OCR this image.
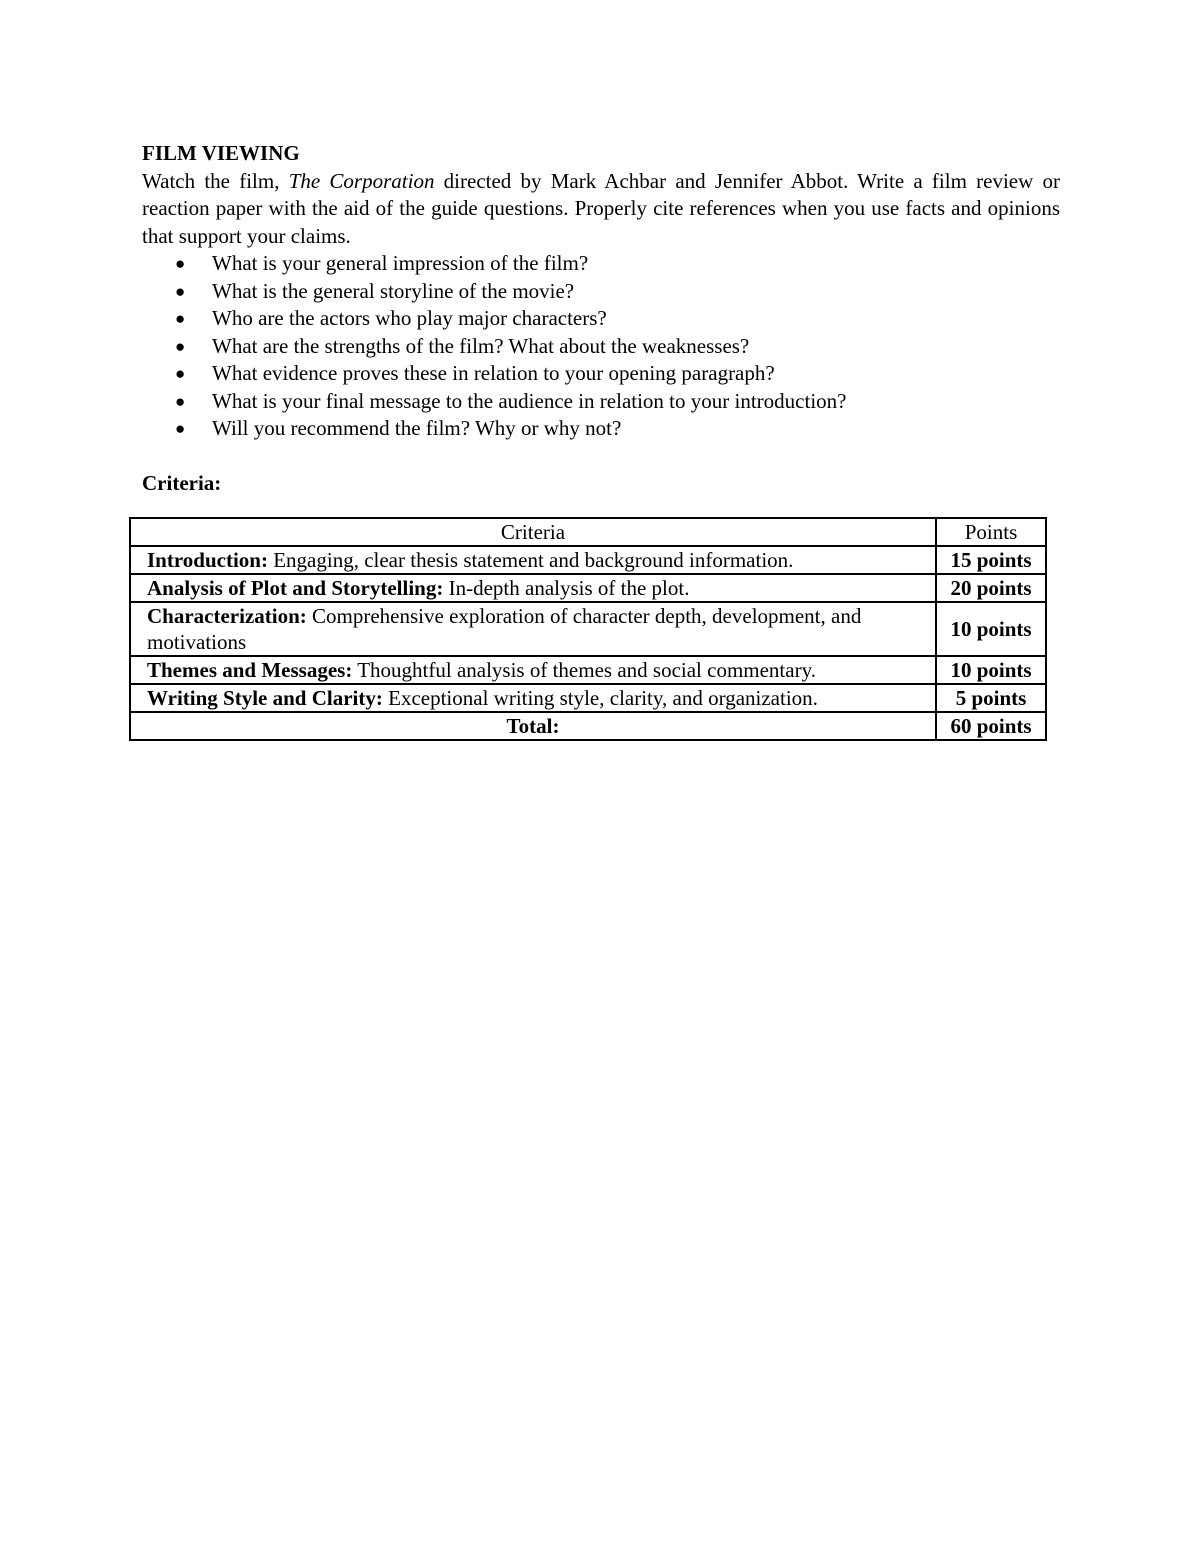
FILM VIEWING

Watch the film, The Corporation directed by Mark Achbar and Jennifer Abbot. Write a film review or reaction paper with the aid of the guide questions. Properly cite references when you use facts and opinions that support your claims.

● What is your general impression of the film?
● What is the general storyline of the movie?
● Who are the actors who play major characters?
● What are the strengths of the film? What about the weaknesses?
● What evidence proves these in relation to your opening paragraph?
● What is your final message to the audience in relation to your introduction?
● Will you recommend the film? Why or why not?

Criteria:

Criteria	Points
Introduction: Engaging, clear thesis statement and background information.	15 points
Analysis of Plot and Storytelling: In-depth analysis of the plot.	20 points
Characterization: Comprehensive exploration of character depth, development, and motivations	10 points
Themes and Messages: Thoughtful analysis of themes and social commentary.	10 points
Writing Style and Clarity: Exceptional writing style, clarity, and organization.	5 points
Total:	60 points
